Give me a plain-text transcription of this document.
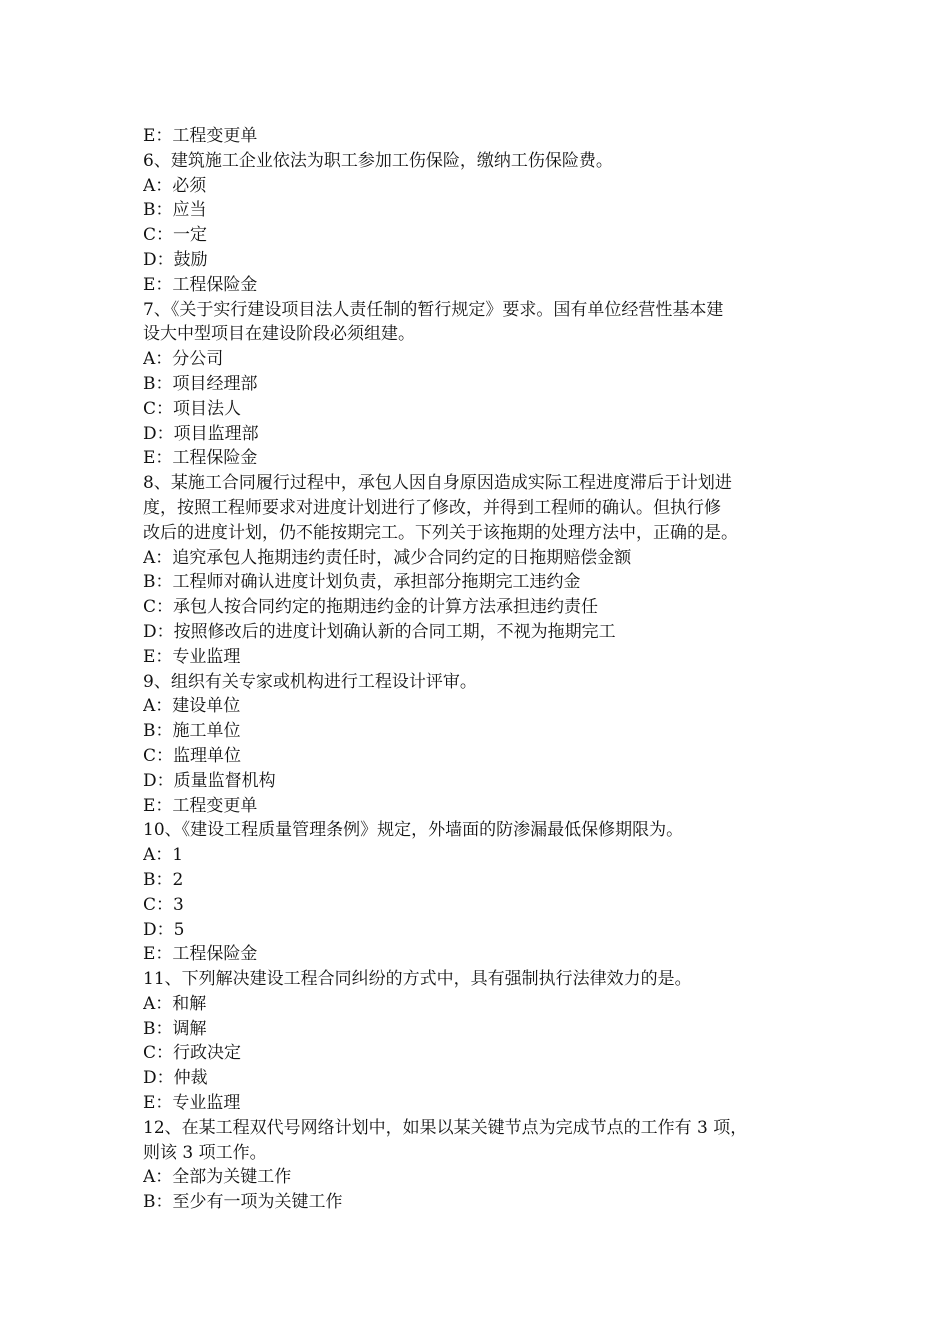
E：工程变更单
6、建筑施工企业依法为职工参加工伤保险，缴纳工伤保险费。
A：必须
B：应当
C：一定
D：鼓励
E：工程保险金
7、《关于实行建设项目法人责任制的暂行规定》要求。国有单位经营性基本建
设大中型项目在建设阶段必须组建。
A：分公司
B：项目经理部
C：项目法人
D：项目监理部
E：工程保险金
8、某施工合同履行过程中，承包人因自身原因造成实际工程进度滞后于计划进
度，按照工程师要求对进度计划进行了修改，并得到工程师的确认。但执行修
改后的进度计划，仍不能按期完工。下列关于该拖期的处理方法中，正确的是。
A：追究承包人拖期违约责任时，减少合同约定的日拖期赔偿金额
B：工程师对确认进度计划负责，承担部分拖期完工违约金
C：承包人按合同约定的拖期违约金的计算方法承担违约责任
D：按照修改后的进度计划确认新的合同工期，不视为拖期完工
E：专业监理
9、组织有关专家或机构进行工程设计评审。
A：建设单位
B：施工单位
C：监理单位
D：质量监督机构
E：工程变更单
10、《建设工程质量管理条例》规定，外墙面的防渗漏最低保修期限为。
A：1
B：2
C：3
D：5
E：工程保险金
11、下列解决建设工程合同纠纷的方式中，具有强制执行法律效力的是。
A：和解
B：调解
C：行政决定
D：仲裁
E：专业监理
12、在某工程双代号网络计划中，如果以某关键节点为完成节点的工作有 3 项，
则该 3 项工作。
A：全部为关键工作
B：至少有一项为关键工作
